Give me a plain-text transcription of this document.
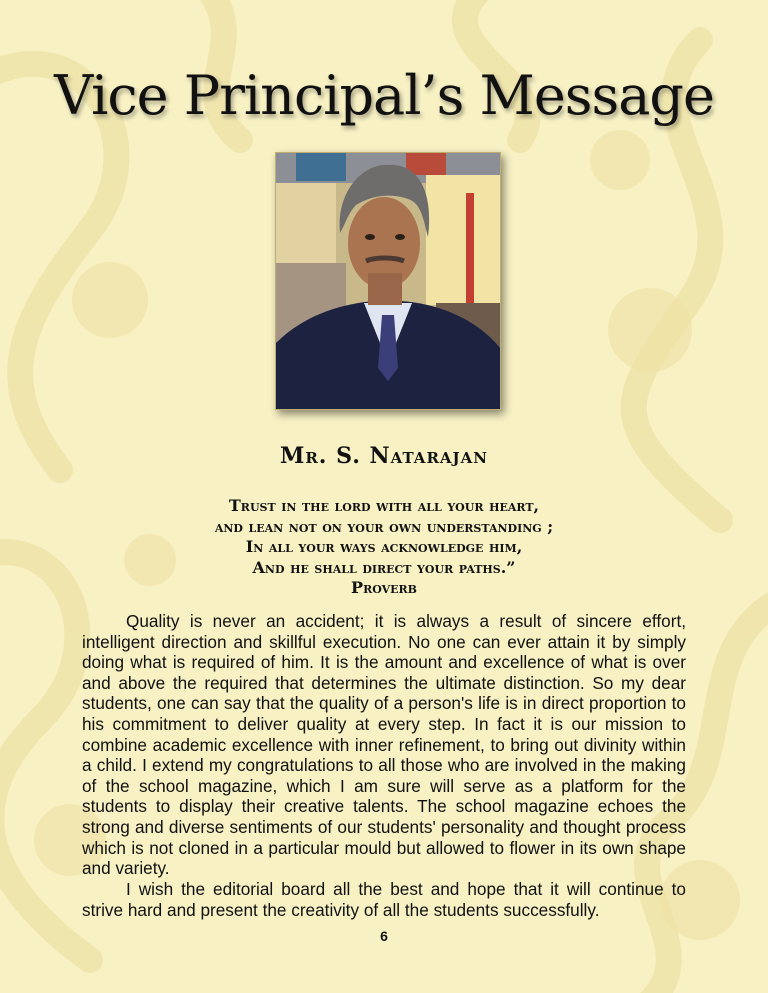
Vice Principal’s Message
Mr. S. Natarajan
Trust in the lord with all your heart,
and lean not on your own understanding ;
In all your ways acknowledge him,
And he shall direct your paths.”
Proverb

Quality is never an accident; it is always a result of sincere effort, intelligent direction and skillful execution. No one can ever attain it by simply doing what is required of him. It is the amount and excellence of what is over and above the required that determines the ultimate distinction. So my dear students, one can say that the quality of a person's life is in direct proportion to his commitment to deliver quality at every step. In fact it is our mission to combine academic excellence with inner refinement, to bring out divinity within a child. I extend my congratulations to all those who are involved in the making of the school magazine, which I am sure will serve as a platform for the students to display their creative talents. The school magazine echoes the strong and diverse sentiments of our students' personality and thought process which is not cloned in a particular mould but allowed to flower in its own shape and variety.

I wish the editorial board all the best and hope that it will continue to strive hard and present the creativity of all the students successfully.

6
